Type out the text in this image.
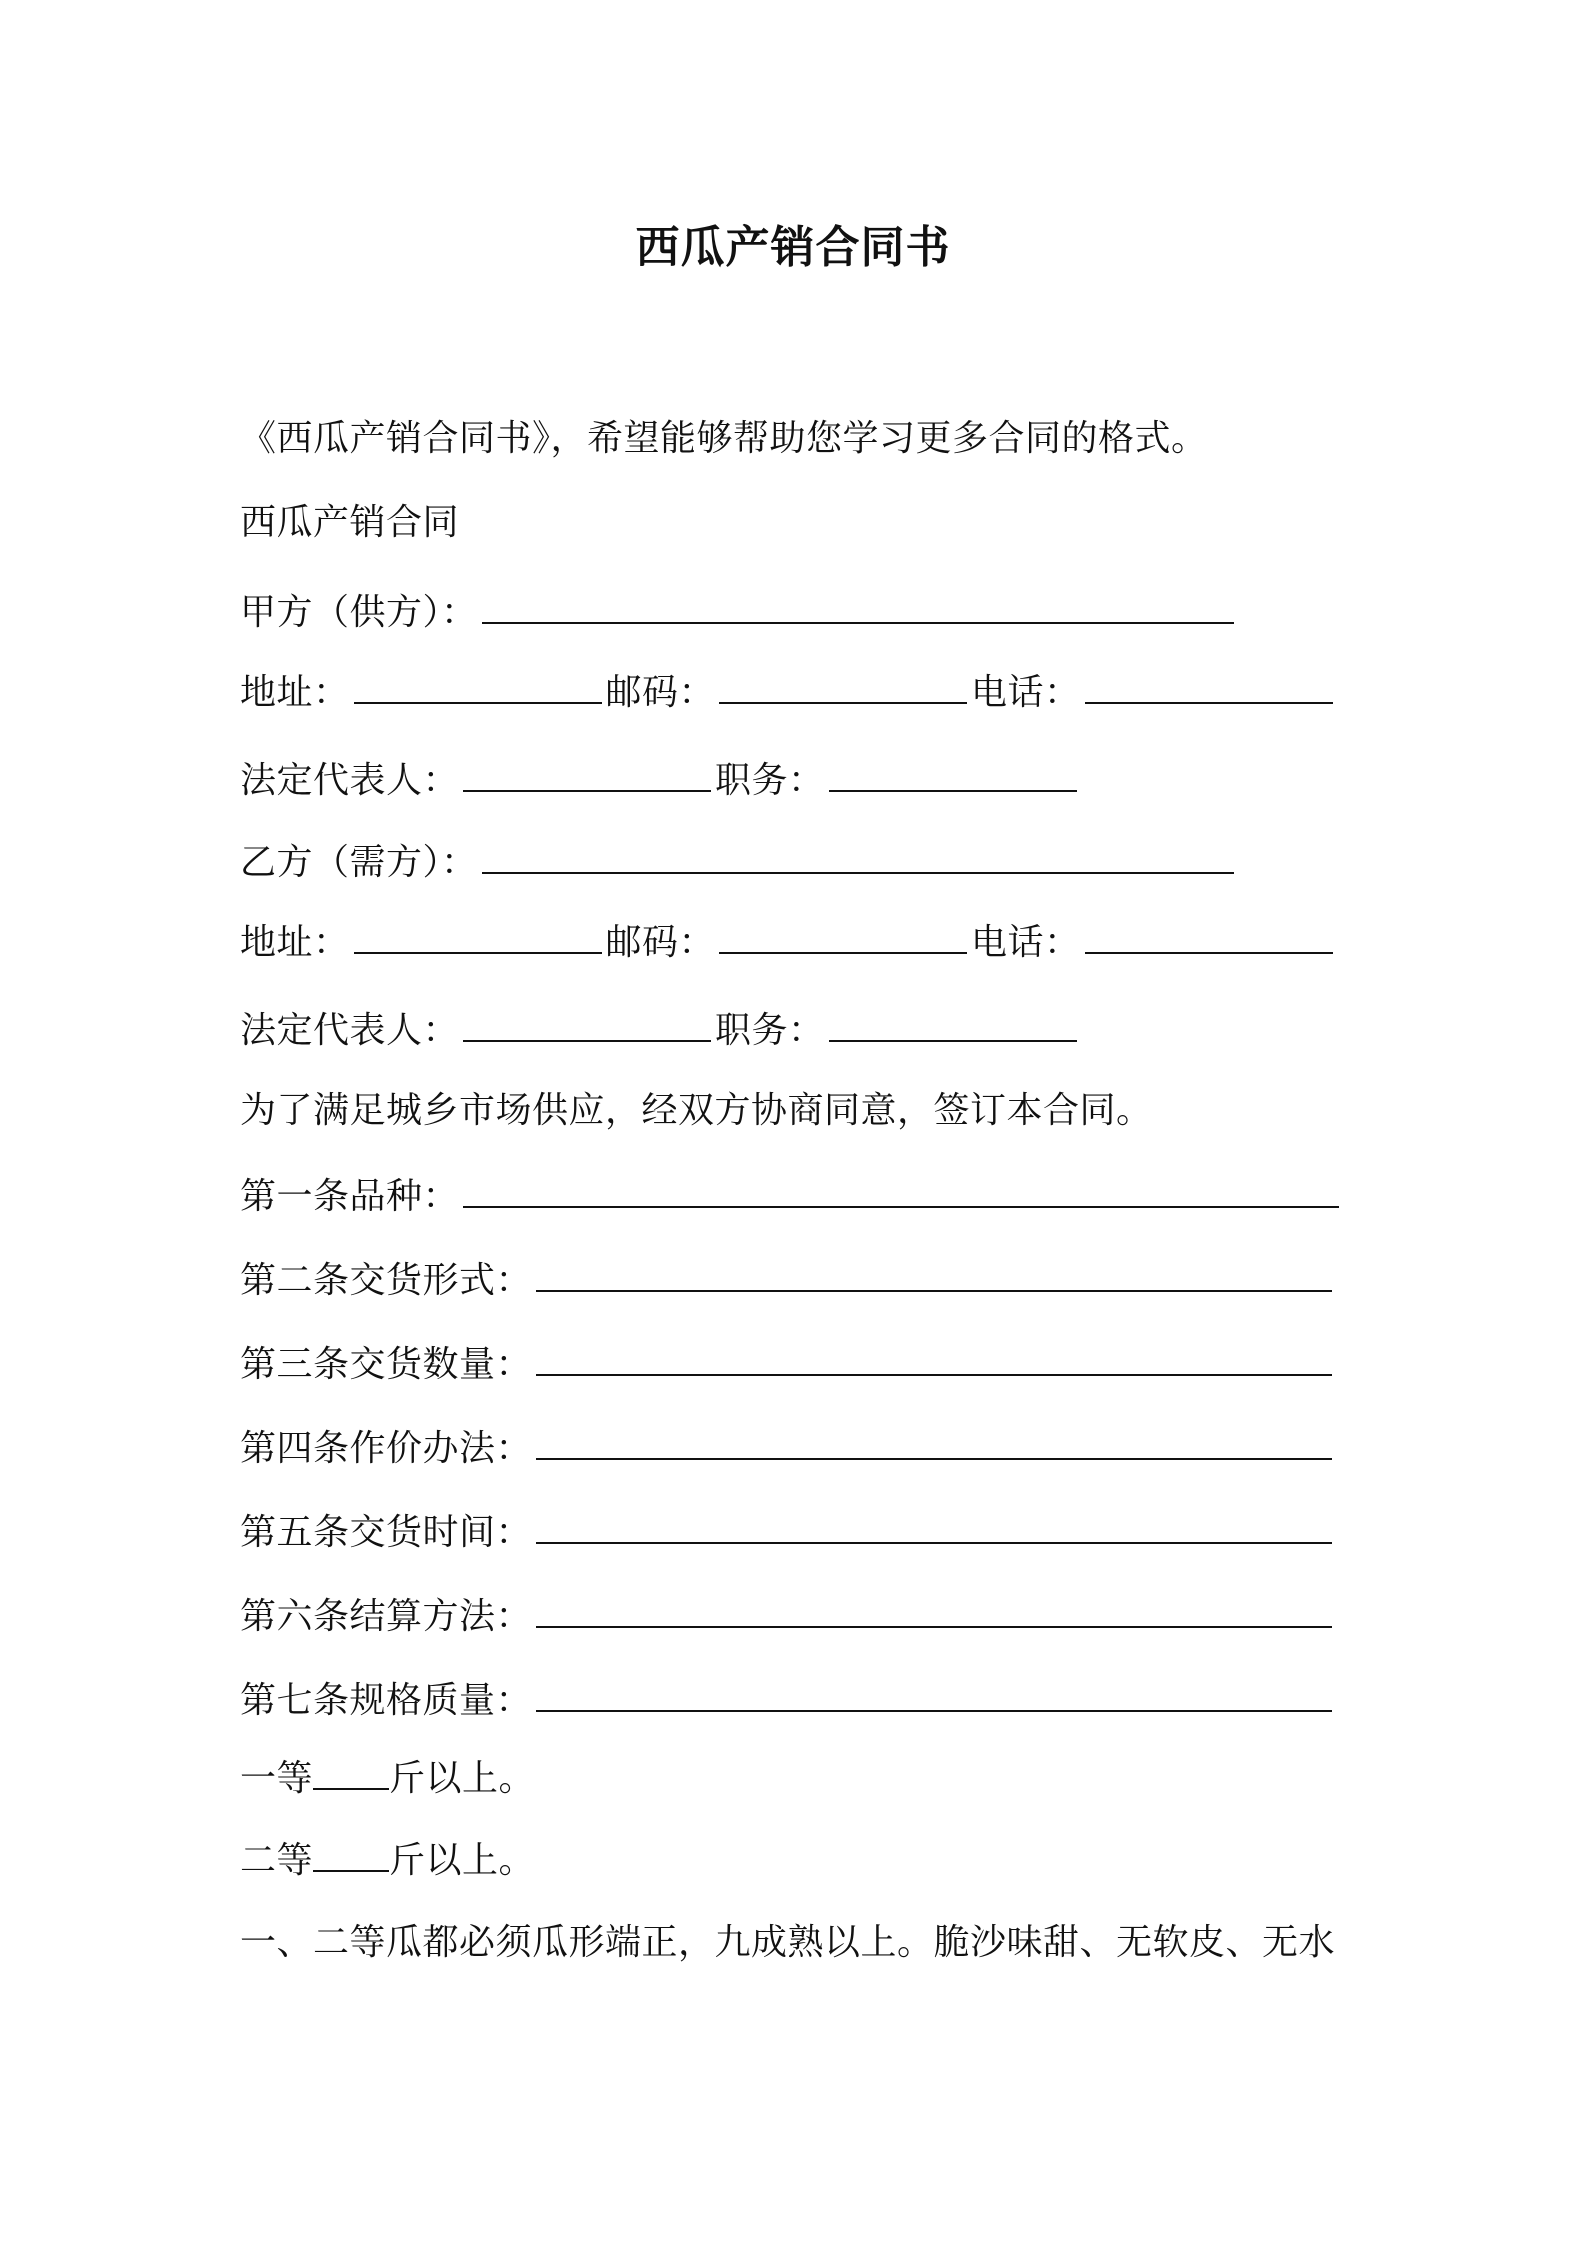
西瓜产销合同书
《西瓜产销合同书》，希望能够帮助您学习更多合同的格式。
西瓜产销合同
甲方（供方）：
地址：	邮码：	电话：
法定代表人：	职务：
乙方（需方）：
地址：	邮码：	电话：
法定代表人：	职务：
为了满足城乡市场供应，经双方协商同意，签订本合同。
第一条品种：
第二条交货形式：
第三条交货数量：
第四条作价办法：
第五条交货时间：
第六条结算方法：
第七条规格质量：
一等 斤以上。
二等 斤以上。
一、二等瓜都必须瓜形端正，九成熟以上。脆沙味甜、无软皮、无水
